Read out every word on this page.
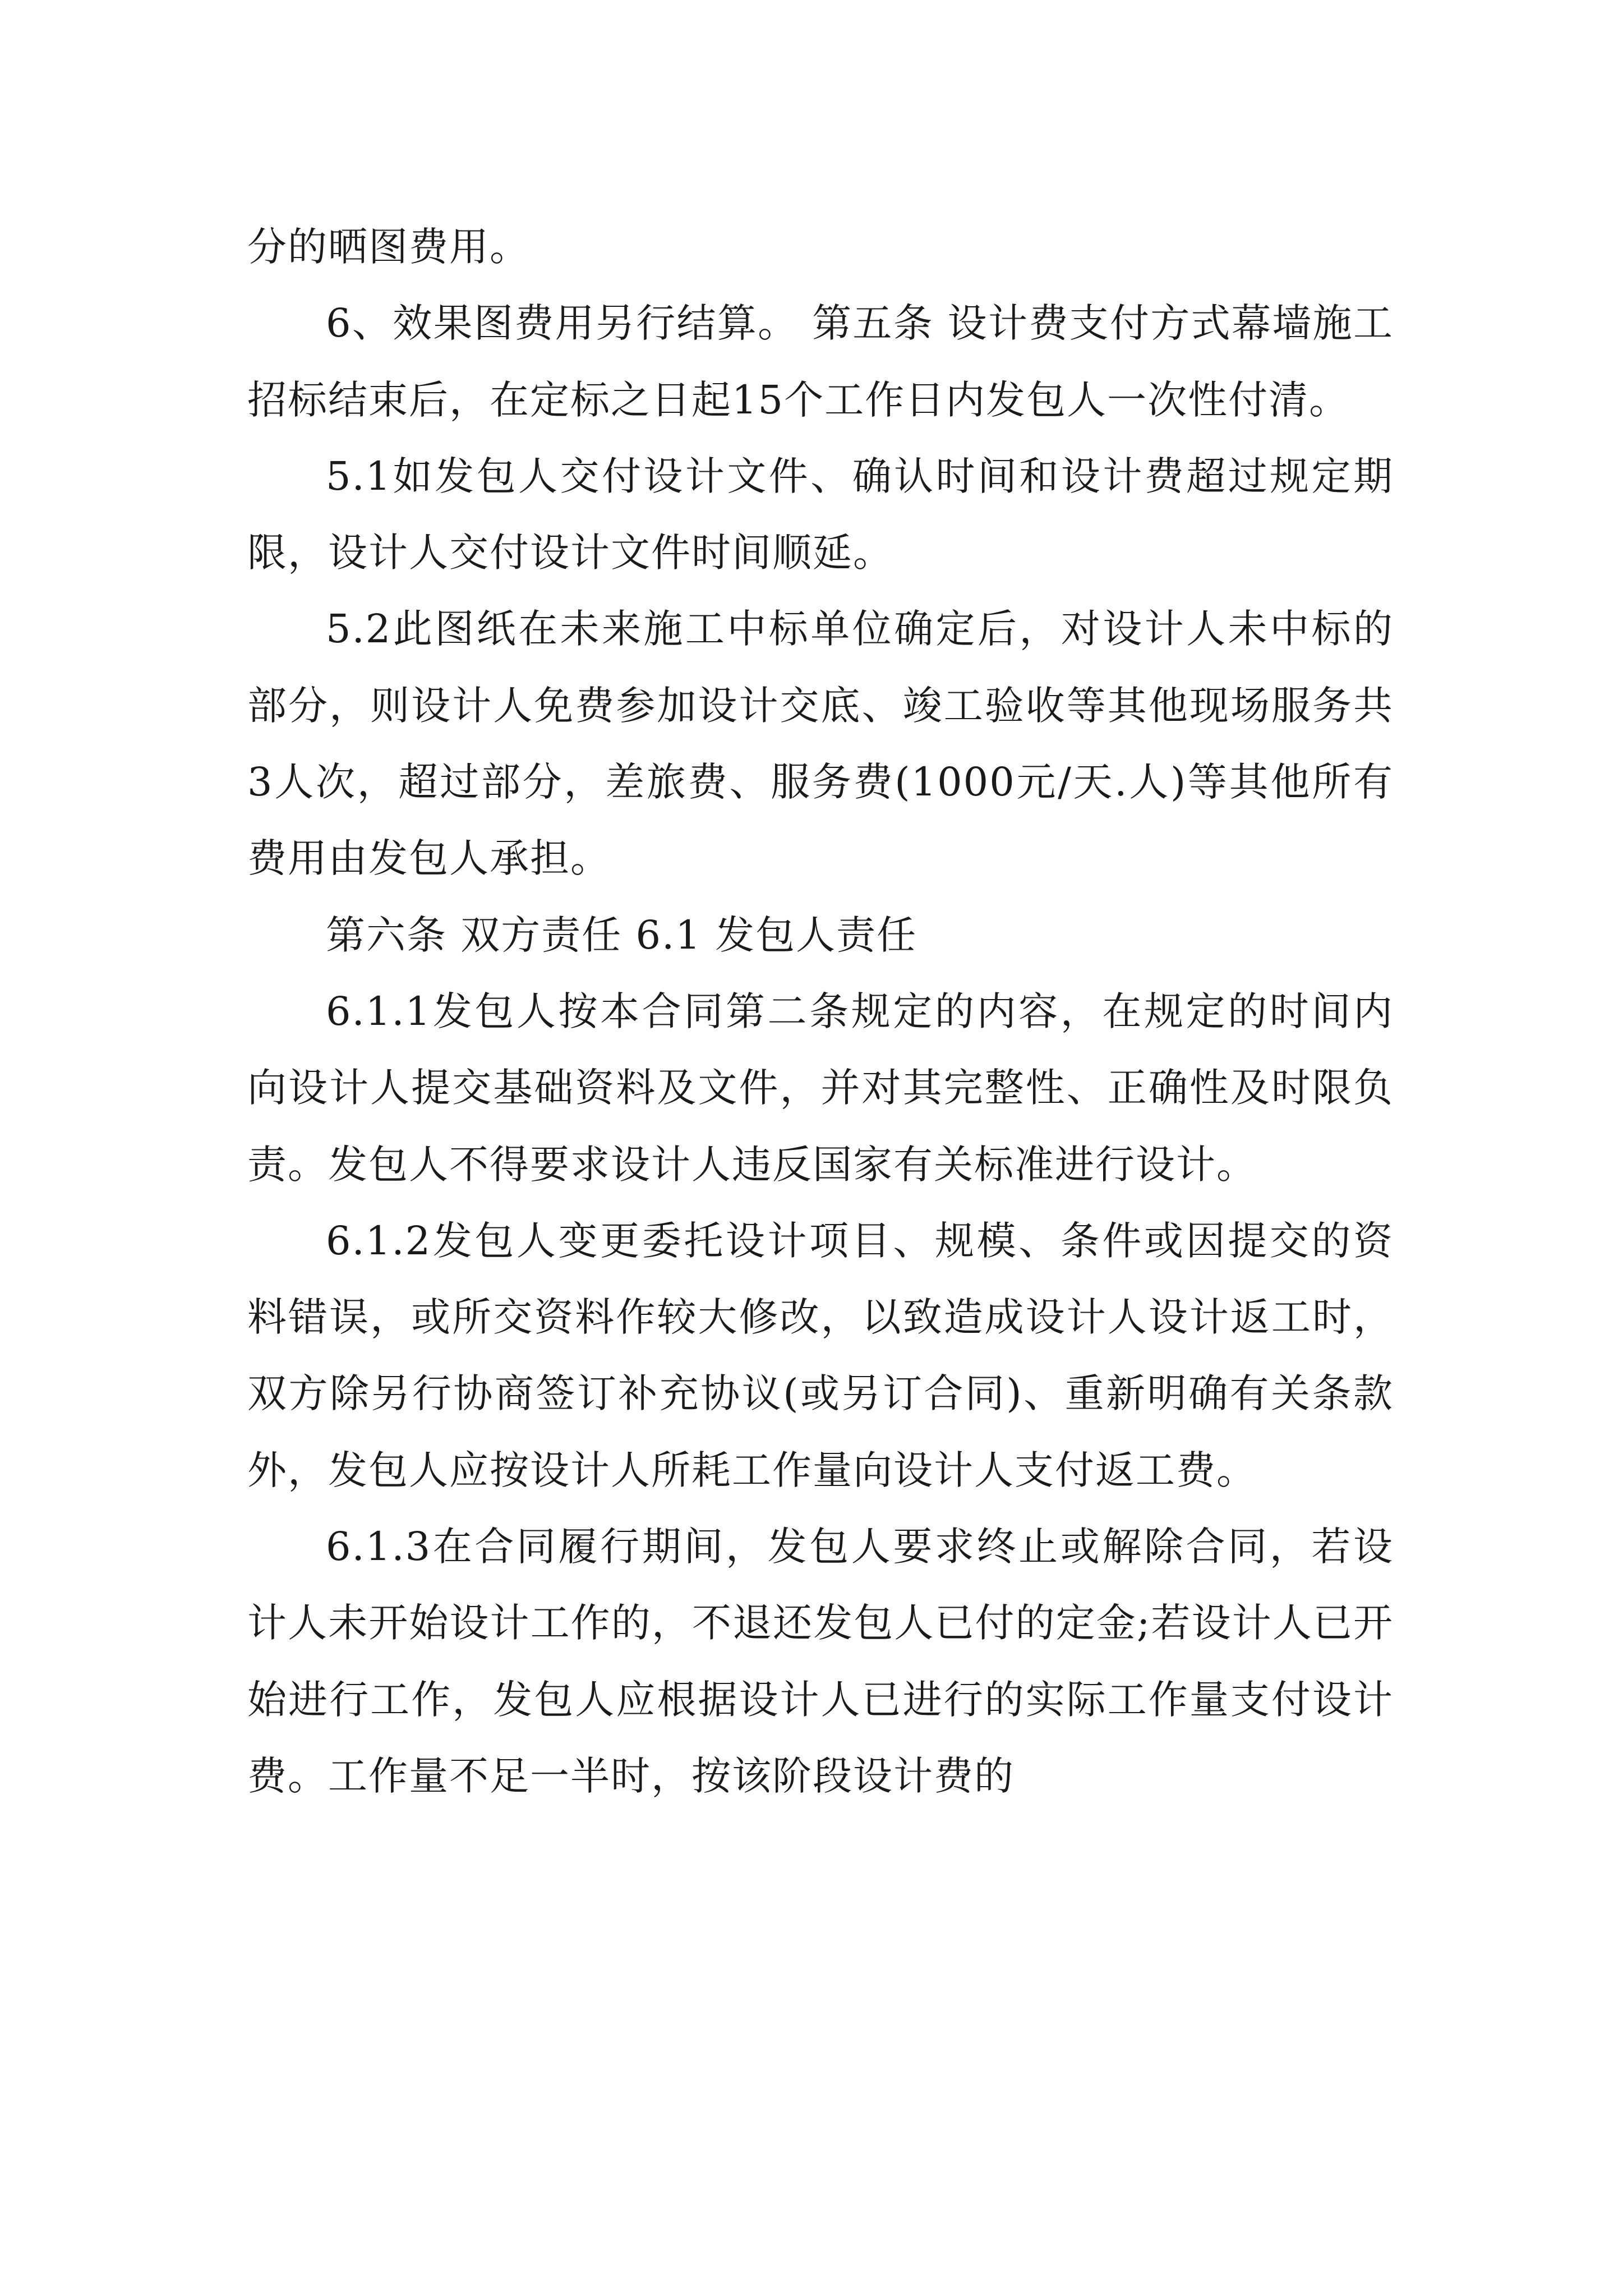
分的晒图费用。

6、效果图费用另行结算。 第五条 设计费支付方式幕墙施工招标结束后，在定标之日起15个工作日内发包人一次性付清。

5.1如发包人交付设计文件、确认时间和设计费超过规定期限，设计人交付设计文件时间顺延。

5.2此图纸在未来施工中标单位确定后，对设计人未中标的部分，则设计人免费参加设计交底、竣工验收等其他现场服务共3人次，超过部分，差旅费、服务费(1000元/天.人)等其他所有费用由发包人承担。

第六条 双方责任 6.1 发包人责任

6.1.1发包人按本合同第二条规定的内容，在规定的时间内向设计人提交基础资料及文件，并对其完整性、正确性及时限负责。发包人不得要求设计人违反国家有关标准进行设计。

6.1.2发包人变更委托设计项目、规模、条件或因提交的资料错误，或所交资料作较大修改，以致造成设计人设计返工时，双方除另行协商签订补充协议(或另订合同)、重新明确有关条款外，发包人应按设计人所耗工作量向设计人支付返工费。

6.1.3在合同履行期间，发包人要求终止或解除合同，若设计人未开始设计工作的，不退还发包人已付的定金;若设计人已开始进行工作，发包人应根据设计人已进行的实际工作量支付设计费。工作量不足一半时，按该阶段设计费的
